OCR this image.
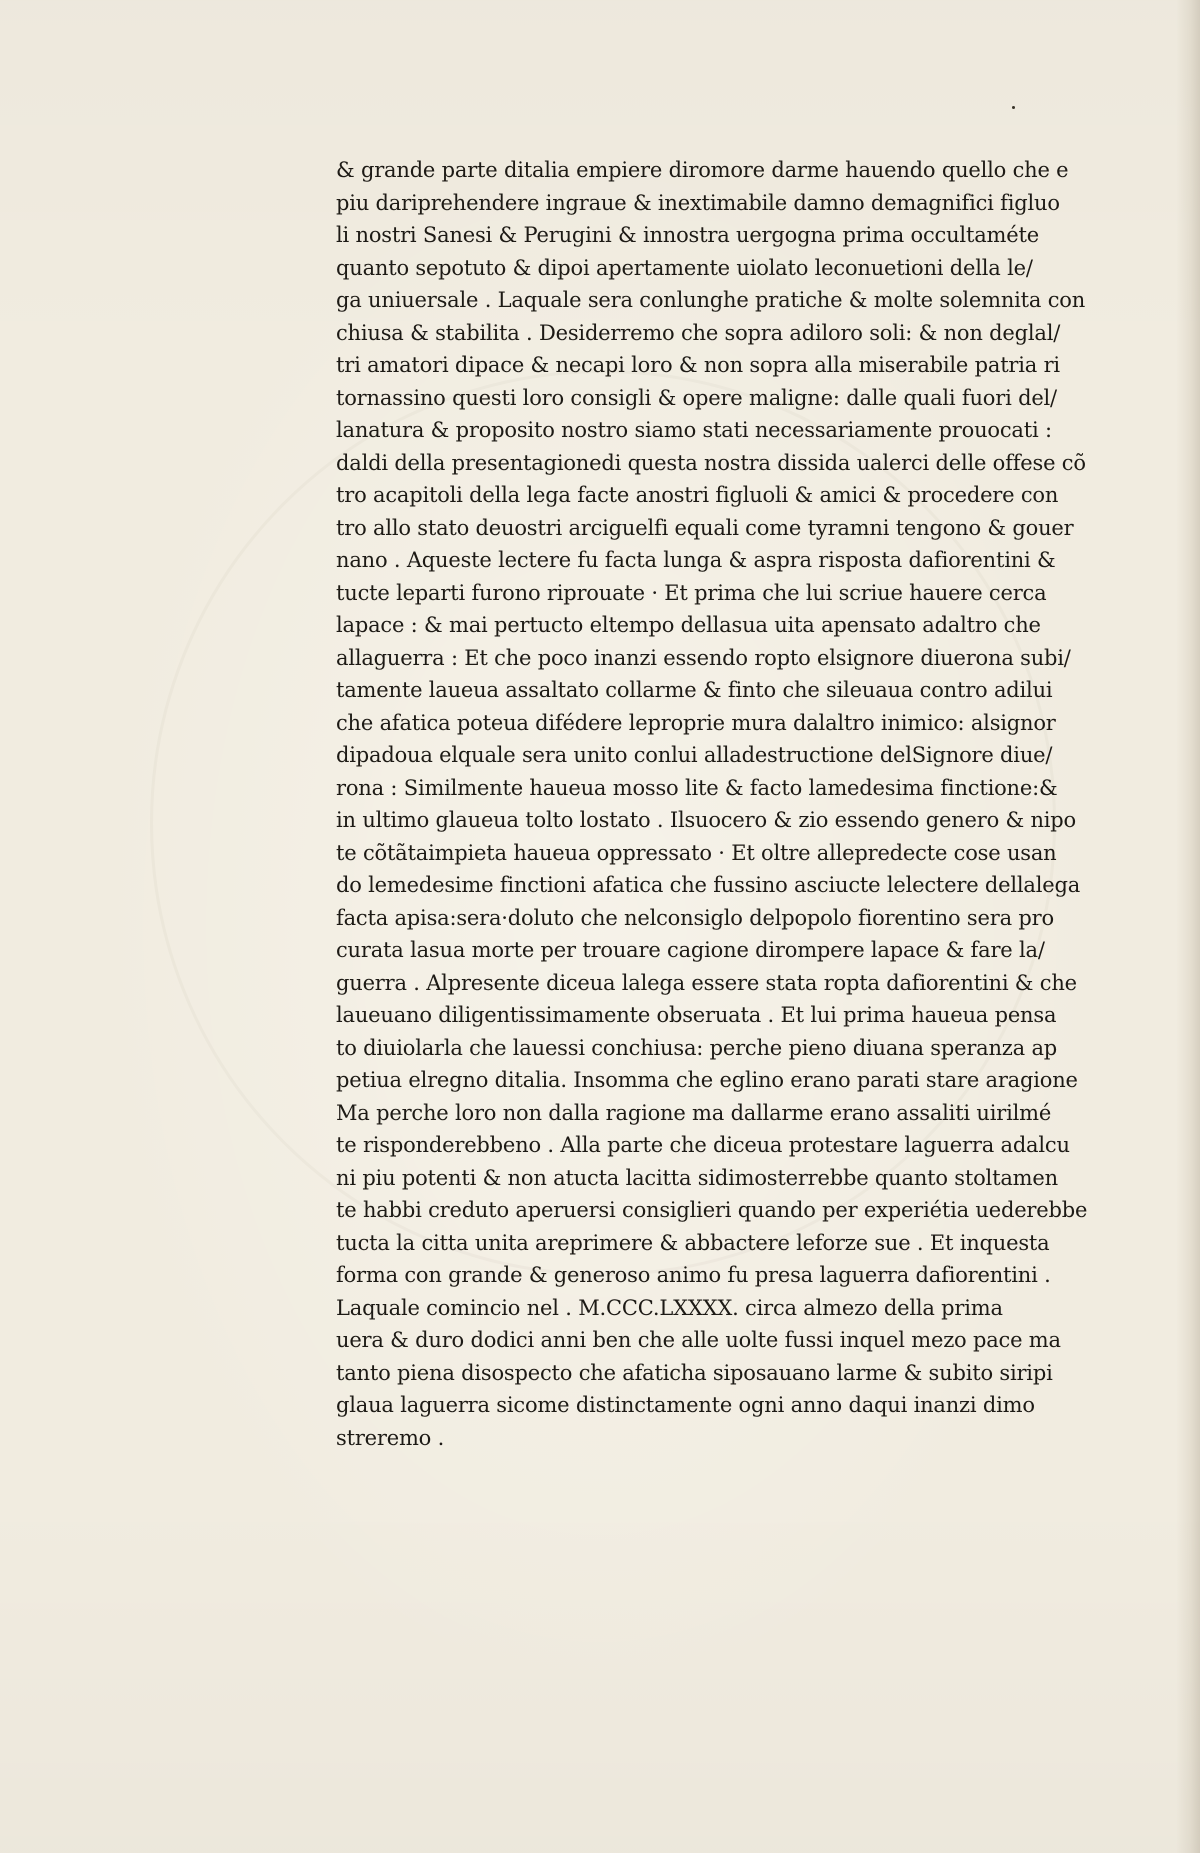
& grande parte ditalia empiere diromore darme hauendo quello che e
piu dariprehendere ingraue & inextimabile damno demagnifici figluo
li nostri Sanesi & Perugini & innostra uergogna prima occultaméte
quanto sepotuto & dipoi apertamente uiolato leconuetioni della le/
ga uniuersale . Laquale sera conlunghe pratiche & molte solemnita con
chiusa & stabilita . Desiderremo che sopra adiloro soli: & non deglal/
tri amatori dipace & necapi loro & non sopra alla miserabile patria ri
tornassino questi loro consigli & opere maligne: dalle quali fuori del/
lanatura & proposito nostro siamo stati necessariamente prouocati :
daldi della presentagionedi questa nostra dissida ualerci delle offese cõ
tro acapitoli della lega facte anostri figluoli & amici & procedere con
tro allo stato deuostri arciguelfi equali come tyramni tengono & gouer
nano . Aqueste lectere fu facta lunga & aspra risposta dafiorentini &
tucte leparti furono riprouate · Et prima che lui scriue hauere cerca
lapace : & mai pertucto eltempo dellasua uita apensato adaltro che
allaguerra : Et che poco inanzi essendo ropto elsignore diuerona subi/
tamente laueua assaltato collarme & finto che sileuaua contro adilui
che afatica poteua difédere leproprie mura dalaltro inimico: alsignor
dipadoua elquale sera unito conlui alladestructione delSignore diue/
rona : Similmente haueua mosso lite & facto lamedesima finctione:&
in ultimo glaueua tolto lostato . Ilsuocero & zio essendo genero & nipo
te cõtãtaimpieta haueua oppressato · Et oltre allepredecte cose usan
do lemedesime finctioni afatica che fussino asciucte lelectere dellalega
facta apisa:sera·doluto che nelconsiglo delpopolo fiorentino sera pro
curata lasua morte per trouare cagione dirompere lapace & fare la/
guerra . Alpresente diceua lalega essere stata ropta dafiorentini & che
laueuano diligentissimamente obseruata . Et lui prima haueua pensa
to diuiolarla che lauessi conchiusa: perche pieno diuana speranza ap
petiua elregno ditalia. Insomma che eglino erano parati stare aragione
Ma perche loro non dalla ragione ma dallarme erano assaliti uirilmé
te risponderebbeno . Alla parte che diceua protestare laguerra adalcu
ni piu potenti & non atucta lacitta sidimosterrebbe quanto stoltamen
te habbi creduto aperuersi consiglieri quando per experiétia uederebbe
tucta la citta unita areprimere & abbactere leforze sue . Et inquesta
forma con grande & generoso animo fu presa laguerra dafiorentini .
Laquale comincio nel . M.CCC.LXXXX. circa almezo della prima
uera & duro dodici anni ben che alle uolte fussi inquel mezo pace ma
tanto piena disospecto che afaticha siposauano larme & subito siripi
glaua laguerra sicome distinctamente ogni anno daqui inanzi dimo
streremo .
